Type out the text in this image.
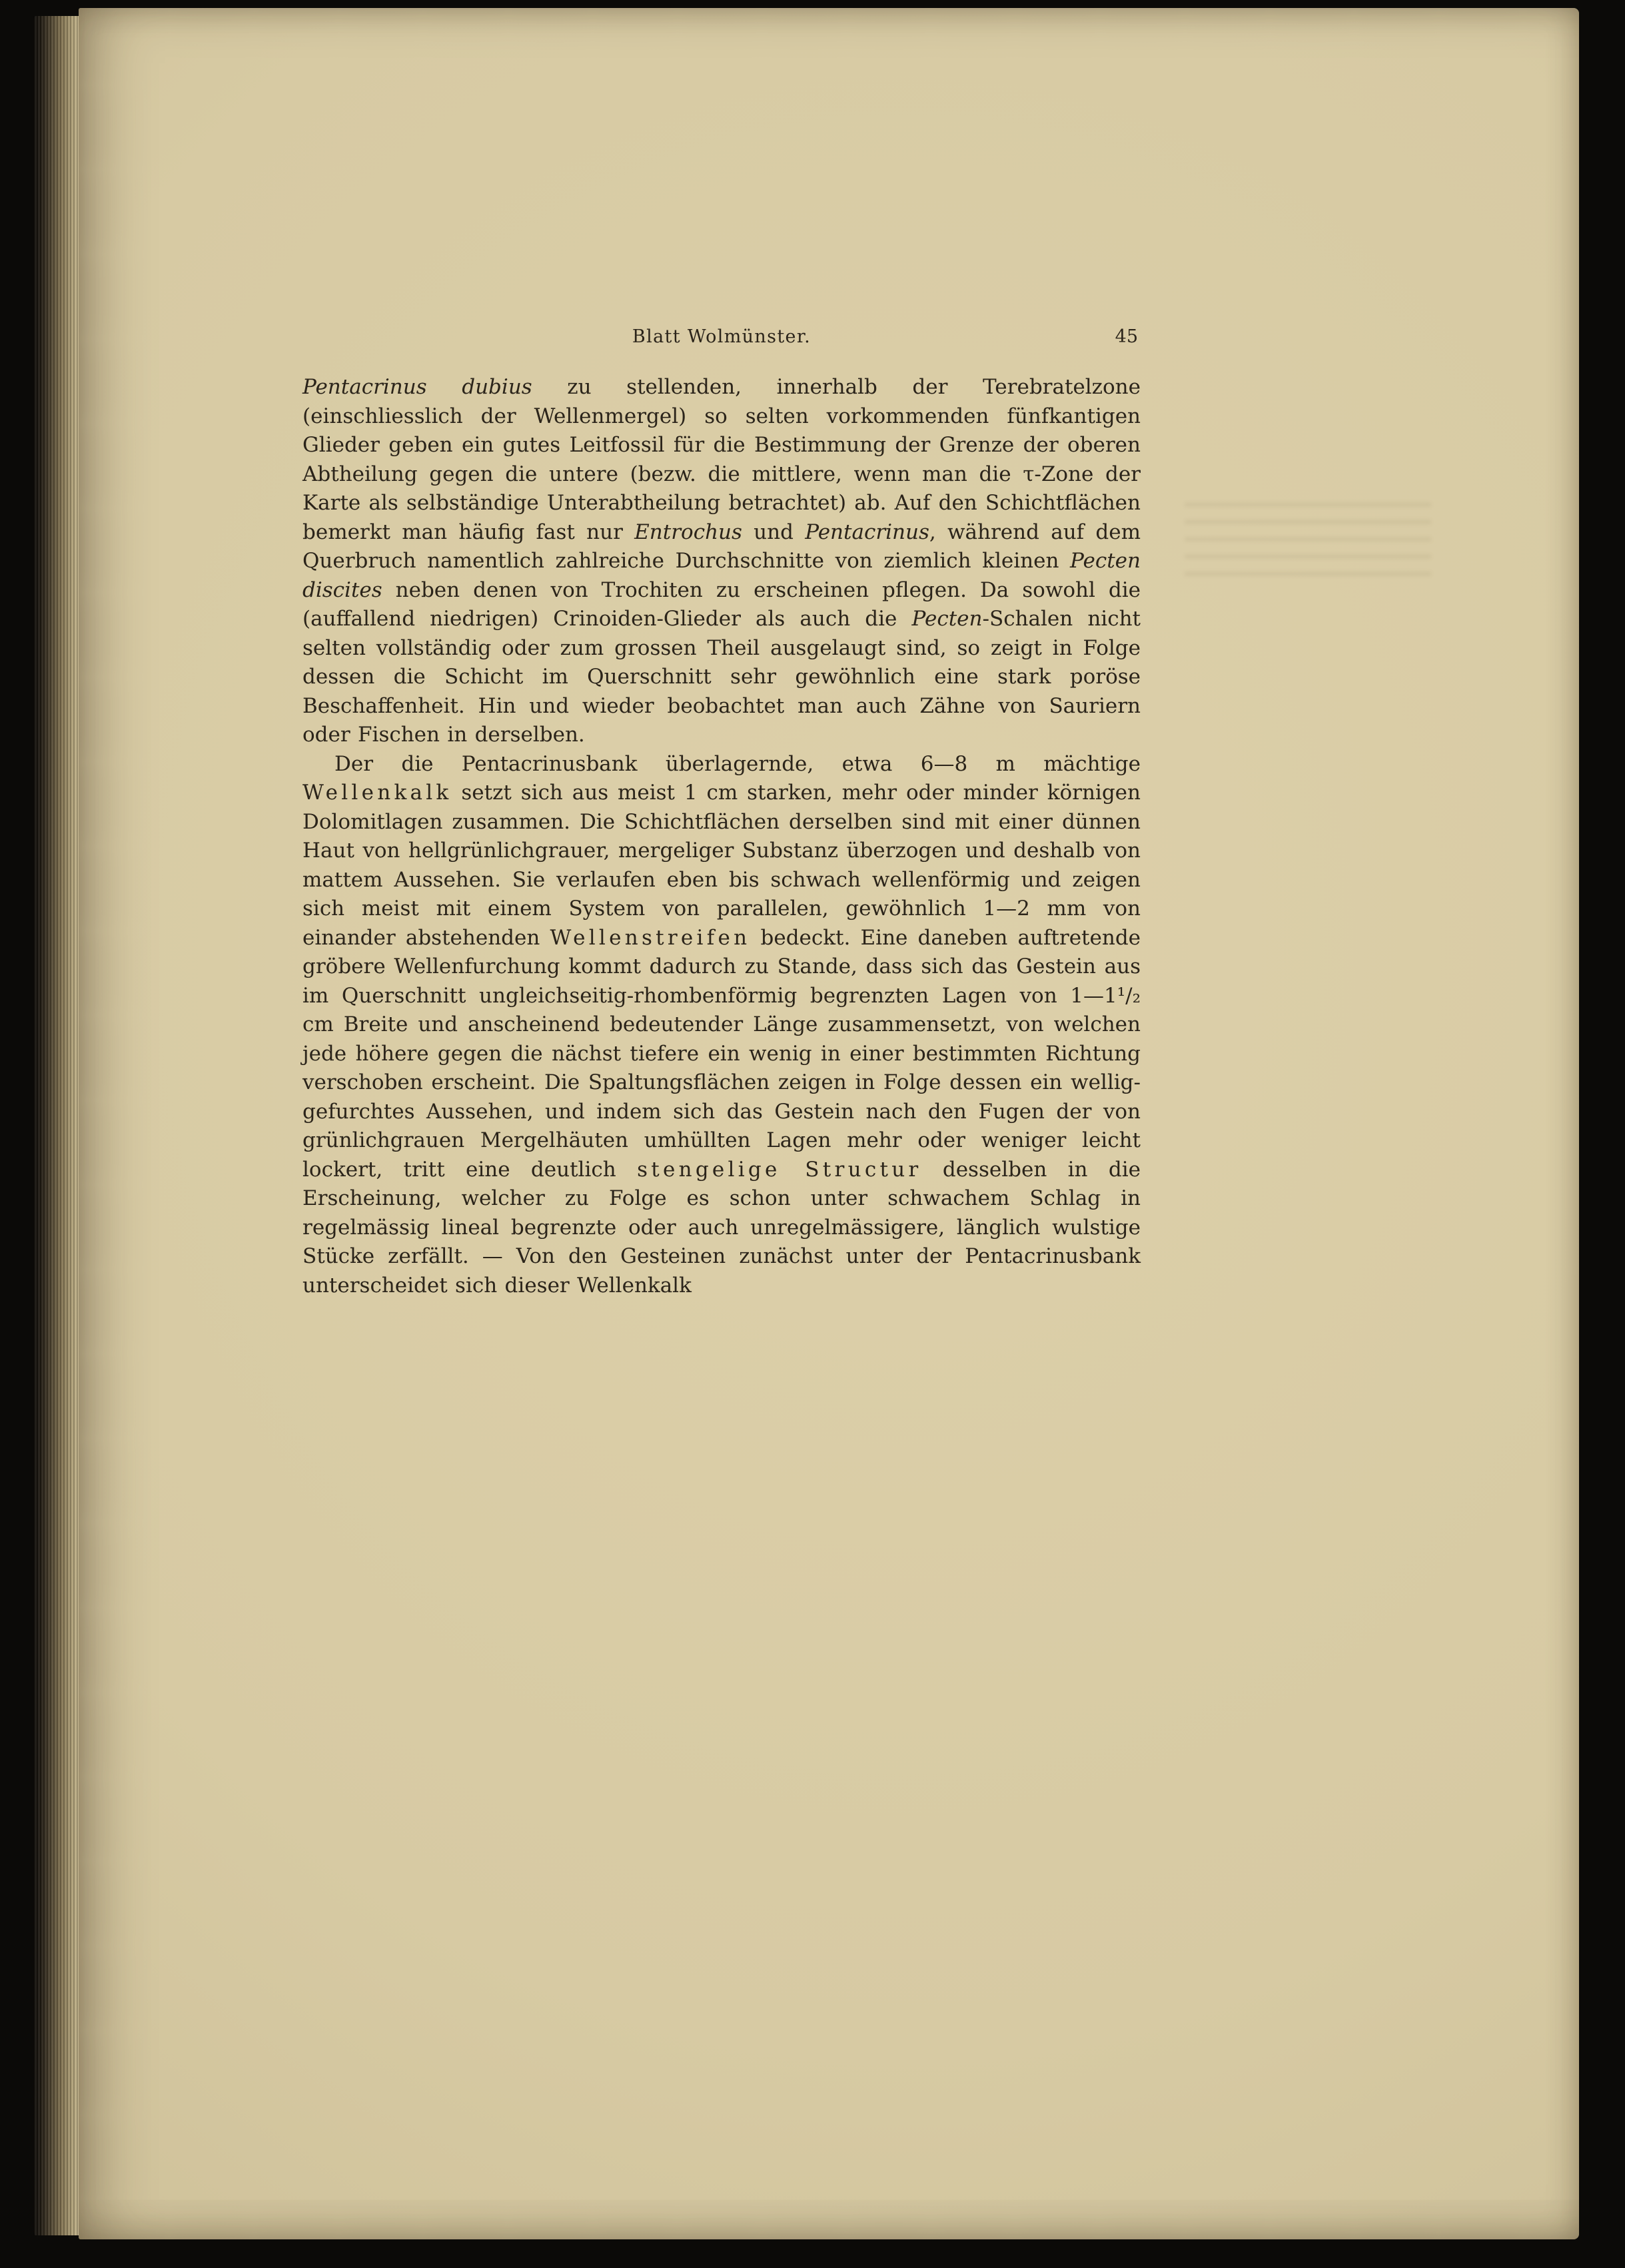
Blatt Wolmünster.	45

Pentacrinus dubius zu stellenden, innerhalb der Terebratelzone (einschliesslich der Wellenmergel) so selten vorkommenden fünfkantigen Glieder geben ein gutes Leitfossil für die Bestimmung der Grenze der oberen Abtheilung gegen die untere (bezw. die mittlere, wenn man die τ-Zone der Karte als selbständige Unterabtheilung betrachtet) ab. Auf den Schichtflächen bemerkt man häufig fast nur Entrochus und Pentacrinus, während auf dem Querbruch namentlich zahlreiche Durchschnitte von ziemlich kleinen Pecten discites neben denen von Trochiten zu erscheinen pflegen. Da sowohl die (auffallend niedrigen) Crinoiden-Glieder als auch die Pecten-Schalen nicht selten vollständig oder zum grossen Theil ausgelaugt sind, so zeigt in Folge dessen die Schicht im Querschnitt sehr gewöhnlich eine stark poröse Beschaffenheit. Hin und wieder beobachtet man auch Zähne von Sauriern oder Fischen in derselben.

Der die Pentacrinusbank überlagernde, etwa 6—8 m mächtige Wellenkalk setzt sich aus meist 1 cm starken, mehr oder minder körnigen Dolomitlagen zusammen. Die Schichtflächen derselben sind mit einer dünnen Haut von hellgrünlichgrauer, mergeliger Substanz überzogen und deshalb von mattem Aussehen. Sie verlaufen eben bis schwach wellenförmig und zeigen sich meist mit einem System von parallelen, gewöhnlich 1—2 mm von einander abstehenden Wellenstreifen bedeckt. Eine daneben auftretende gröbere Wellenfurchung kommt dadurch zu Stande, dass sich das Gestein aus im Querschnitt ungleichseitig-rhombenförmig begrenzten Lagen von 1—1¹/₂ cm Breite und anscheinend bedeutender Länge zusammensetzt, von welchen jede höhere gegen die nächst tiefere ein wenig in einer bestimmten Richtung verschoben erscheint. Die Spaltungsflächen zeigen in Folge dessen ein wellig-gefurchtes Aussehen, und indem sich das Gestein nach den Fugen der von grünlichgrauen Mergelhäuten umhüllten Lagen mehr oder weniger leicht lockert, tritt eine deutlich stengelige Structur desselben in die Erscheinung, welcher zu Folge es schon unter schwachem Schlag in regelmässig lineal begrenzte oder auch unregelmässigere, länglich wulstige Stücke zerfällt. — Von den Gesteinen zunächst unter der Pentacrinusbank unterscheidet sich dieser Wellenkalk
